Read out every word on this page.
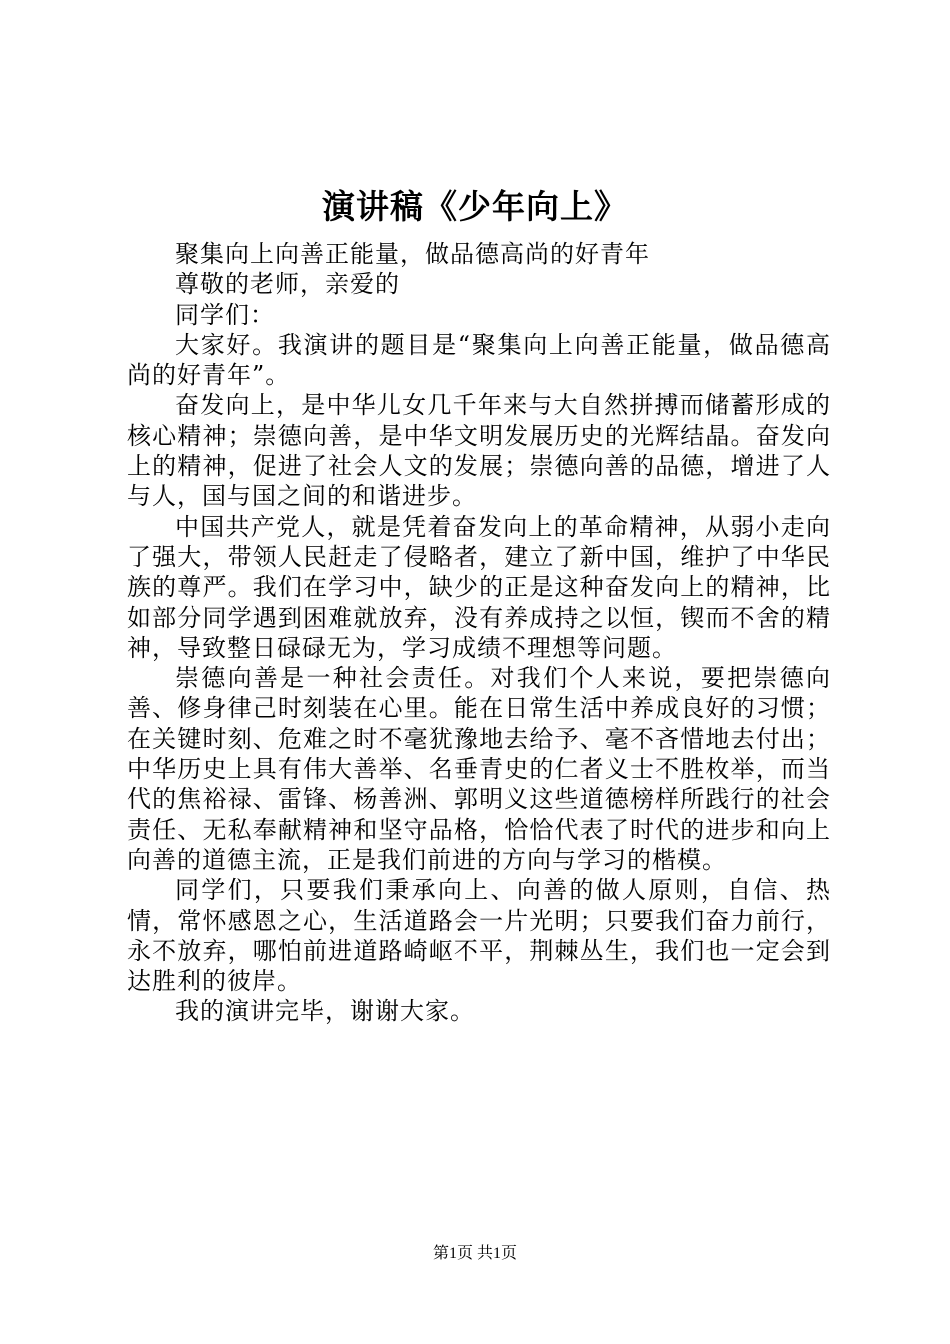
演讲稿《少年向上》

聚集向上向善正能量，做品德高尚的好青年

尊敬的老师，亲爱的

同学们：

大家好。我演讲的题目是“聚集向上向善正能量，做品德高尚的好青年”。

奋发向上，是中华儿女几千年来与大自然拼搏而储蓄形成的核心精神；崇德向善，是中华文明发展历史的光辉结晶。奋发向上的精神，促进了社会人文的发展；崇德向善的品德，增进了人与人，国与国之间的和谐进步。

中国共产党人，就是凭着奋发向上的革命精神，从弱小走向了强大，带领人民赶走了侵略者，建立了新中国，维护了中华民族的尊严。我们在学习中，缺少的正是这种奋发向上的精神，比如部分同学遇到困难就放弃，没有养成持之以恒，锲而不舍的精神，导致整日碌碌无为，学习成绩不理想等问题。

崇德向善是一种社会责任。对我们个人来说，要把崇德向善、修身律己时刻装在心里。能在日常生活中养成良好的习惯；在关键时刻、危难之时不毫犹豫地去给予、毫不吝惜地去付出；中华历史上具有伟大善举、名垂青史的仁者义士不胜枚举，而当代的焦裕禄、雷锋、杨善洲、郭明义这些道德榜样所践行的社会责任、无私奉献精神和坚守品格，恰恰代表了时代的进步和向上向善的道德主流，正是我们前进的方向与学习的楷模。

同学们，只要我们秉承向上、向善的做人原则，自信、热情，常怀感恩之心，生活道路会一片光明；只要我们奋力前行，永不放弃，哪怕前进道路崎岖不平，荆棘丛生，我们也一定会到达胜利的彼岸。

我的演讲完毕，谢谢大家。

第1页 共1页
